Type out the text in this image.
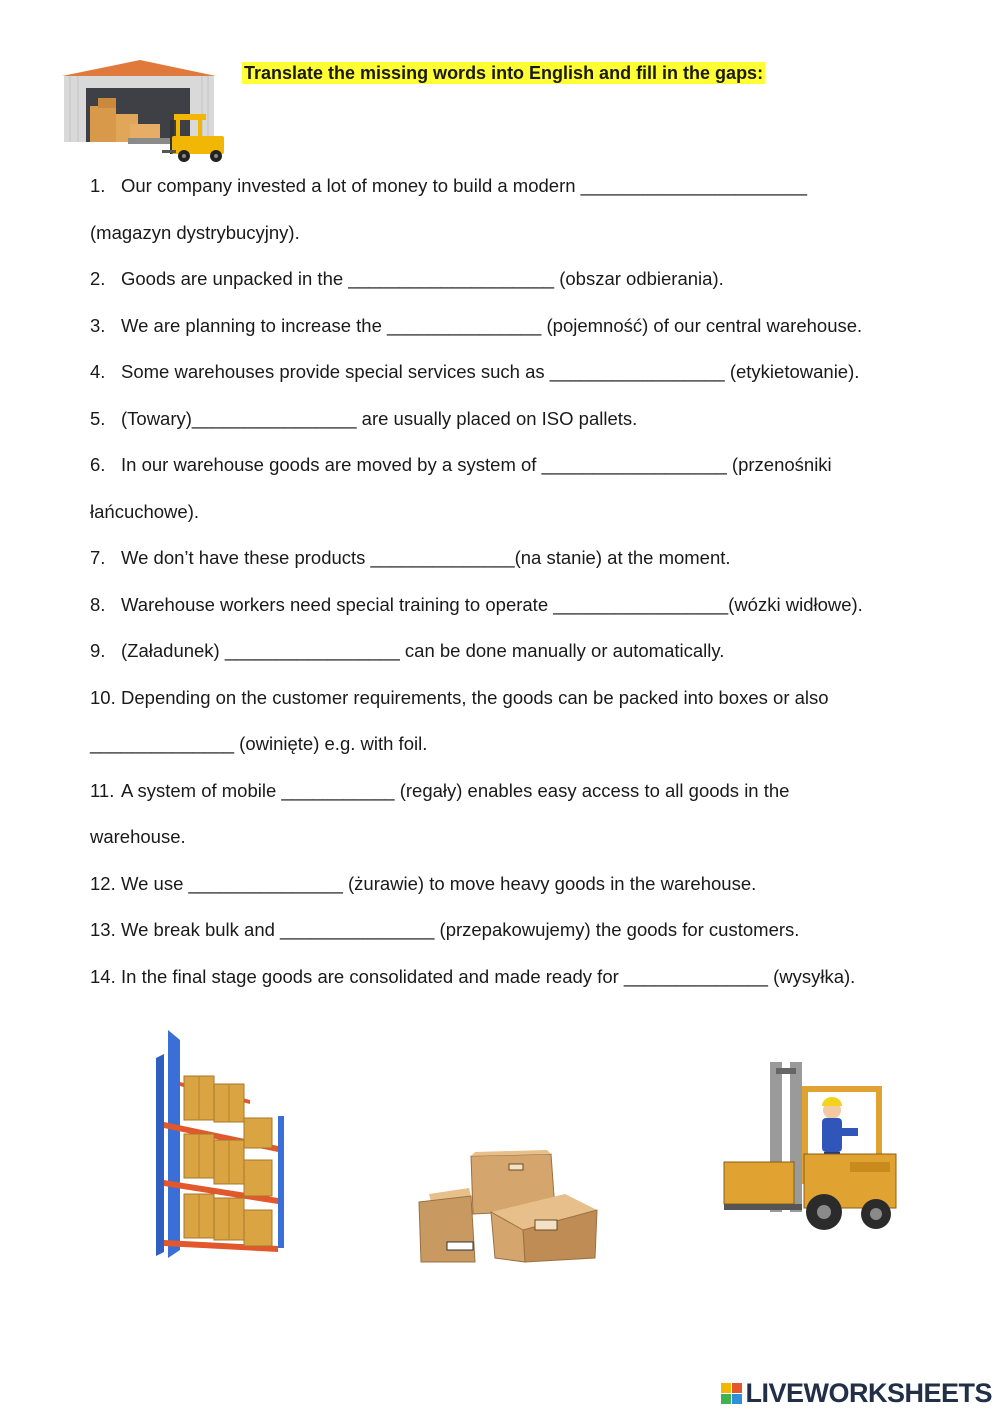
Translate the missing words into English and fill in the gaps:
1. Our company invested a lot of money to build a modern ______________________
(magazyn dystrybucyjny).
2. Goods are unpacked in the ____________________ (obszar odbierania).
3. We are planning to increase the _______________ (pojemność) of our central warehouse.
4. Some warehouses provide special services such as _________________ (etykietowanie).
5. (Towary)________________ are usually placed on ISO pallets.
6. In our warehouse goods are moved by a system of __________________ (przenośniki
łańcuchowe).
7. We don’t have these products ______________(na stanie) at the moment.
8. Warehouse workers need special training to operate _________________(wózki widłowe).
9. (Załadunek) _________________ can be done manually or automatically.
10. Depending on the customer requirements, the goods can be packed into boxes or also
______________ (owinięte) e.g. with foil.
11. A system of mobile ___________ (regały) enables easy access to all goods in the
warehouse.
12. We use _______________ (żurawie) to move heavy goods in the warehouse.
13. We break bulk and _______________ (przepakowujemy) the goods for customers.
14. In the final stage goods are consolidated and made ready for ______________ (wysyłka).
LIVEWORKSHEETS
